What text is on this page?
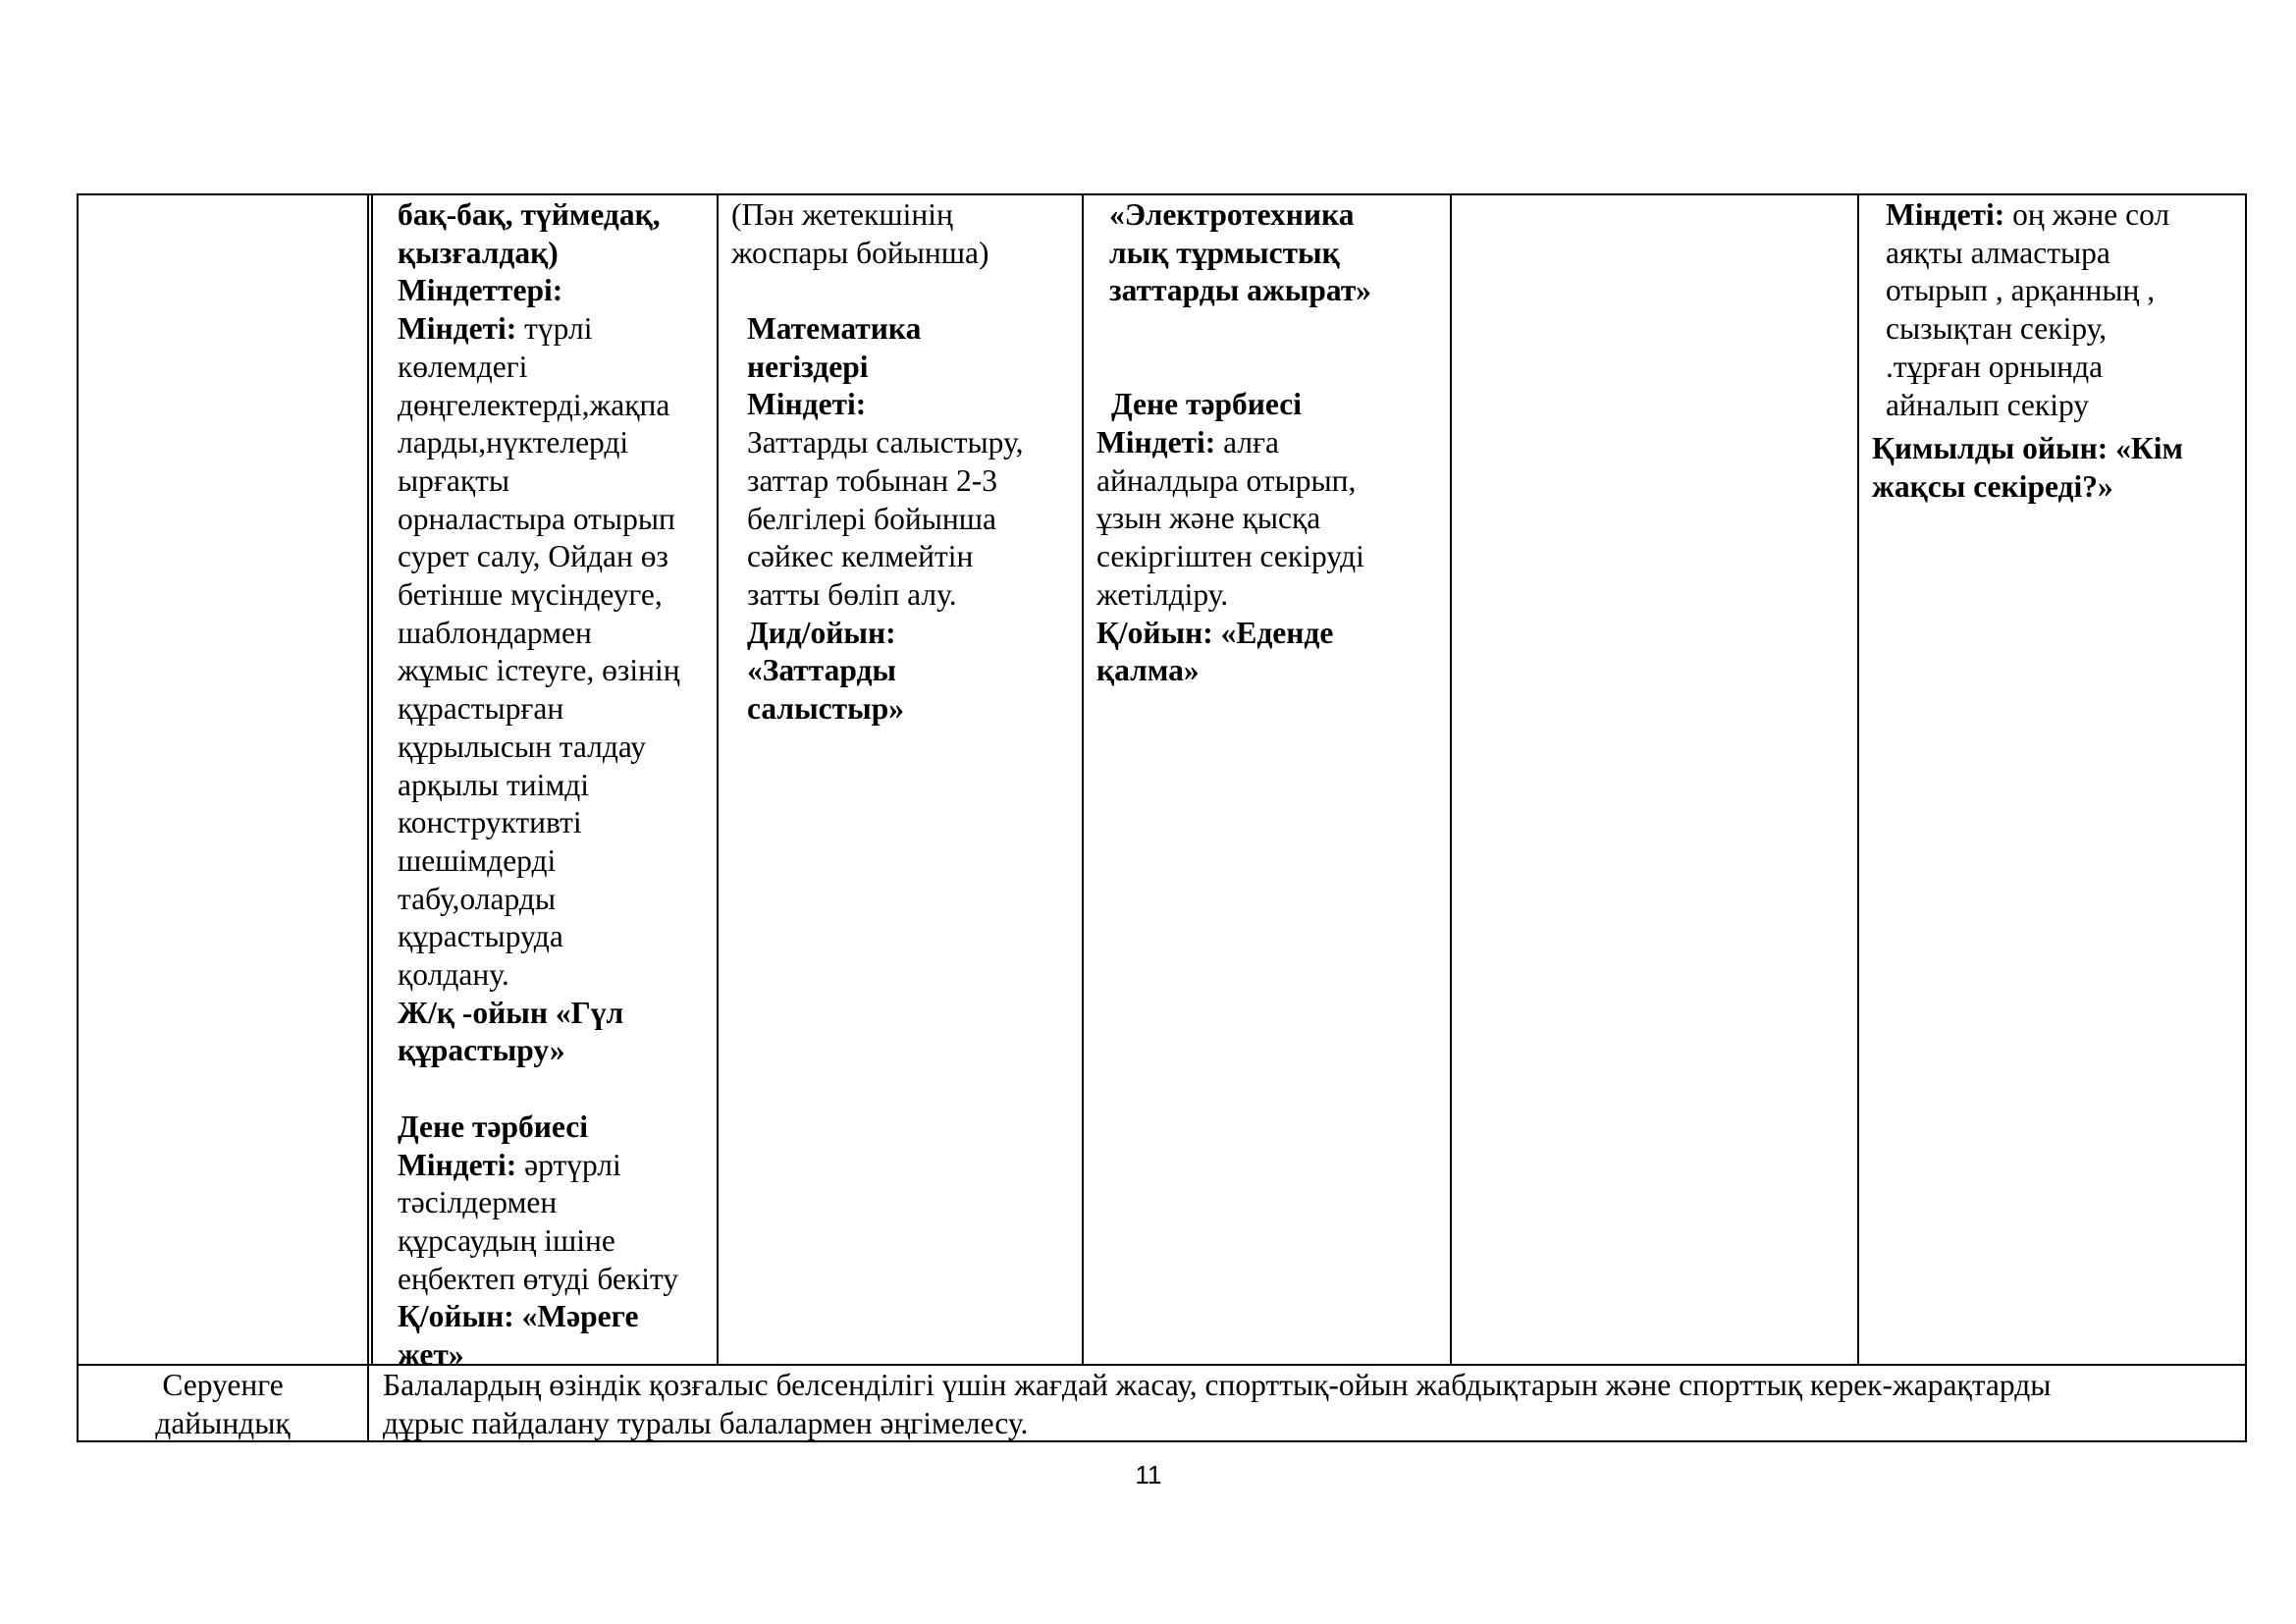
бақ-бақ, түймедақ,
қызғалдақ)
Міндеттері:
Міндеті: түрлі
көлемдегі
дөңгелектерді,жақпа
ларды,нүктелерді
ырғақты
орналастыра отырып
сурет салу, Ойдан өз
бетінше мүсіндеуге,
шаблондармен
жұмыс істеуге, өзінің
құрастырған
құрылысын талдау
арқылы тиімді
конструктивті
шешімдерді
табу,оларды
құрастыруда
қолдану.
Ж/қ -ойын «Гүл
құрастыру»
Дене тәрбиесі
Міндеті: әртүрлі
тәсілдермен
құрсаудың ішіне
еңбектеп өтуді бекіту
Қ/ойын: «Мәреге
жет»
(Пән жетекшінің
жоспары бойынша)
Математика
негіздері
Міндеті:
Заттарды салыстыру,
заттар тобынан 2-3
белгілері бойынша
сәйкес келмейтін
затты бөліп алу.
Дид/ойын:
«Заттарды
салыстыр»
«Электротехника
лық тұрмыстық
заттарды ажырат»
Дене тәрбиесі
Міндеті: алға
айналдыра отырып,
ұзын және қысқа
секіргіштен секіруді
жетілдіру.
Қ/ойын: «Еденде
қалма»
Міндеті: оң және сол
аяқты алмастыра
отырып , арқанның ,
сызықтан секіру,
.тұрған орнында
айналып секіру
Қимылды ойын: «Кім
жақсы секіреді?»
Серуенге
дайындық
Балалардың өзіндік қозғалыс белсенділігі үшін жағдай жасау, спорттық-ойын жабдықтарын және спорттық керек-жарақтарды
дұрыс пайдалану туралы балалармен әңгімелесу.
11
